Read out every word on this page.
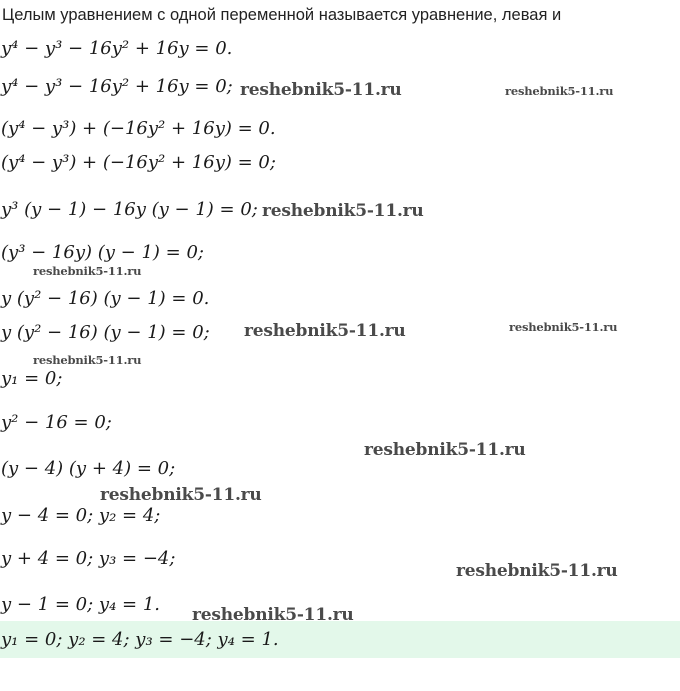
Целым уравнением с одной переменной называется уравнение, левая и
y⁴ − y³ − 16y² + 16y = 0.
y⁴ − y³ − 16y² + 16y = 0;
(y⁴ − y³) + (−16y² + 16y) = 0.
(y⁴ − y³) + (−16y² + 16y) = 0;
y³ (y − 1) − 16y (y − 1) = 0;
(y³ − 16y) (y − 1) = 0;
y (y² − 16) (y − 1) = 0.
y (y² − 16) (y − 1) = 0;
y₁ = 0;
y² − 16 = 0;
(y − 4) (y + 4) = 0;
y − 4 = 0; y₂ = 4;
y + 4 = 0; y₃ = −4;
y − 1 = 0; y₄ = 1.
y₁ = 0; y₂ = 4; y₃ = −4; y₄ = 1.
reshebnik5-11.ru	reshebnik5-11.ru
reshebnik5-11.ru
reshebnik5-11.ru
reshebnik5-11.ru	reshebnik5-11.ru
reshebnik5-11.ru
reshebnik5-11.ru
reshebnik5-11.ru
reshebnik5-11.ru
reshebnik5-11.ru
